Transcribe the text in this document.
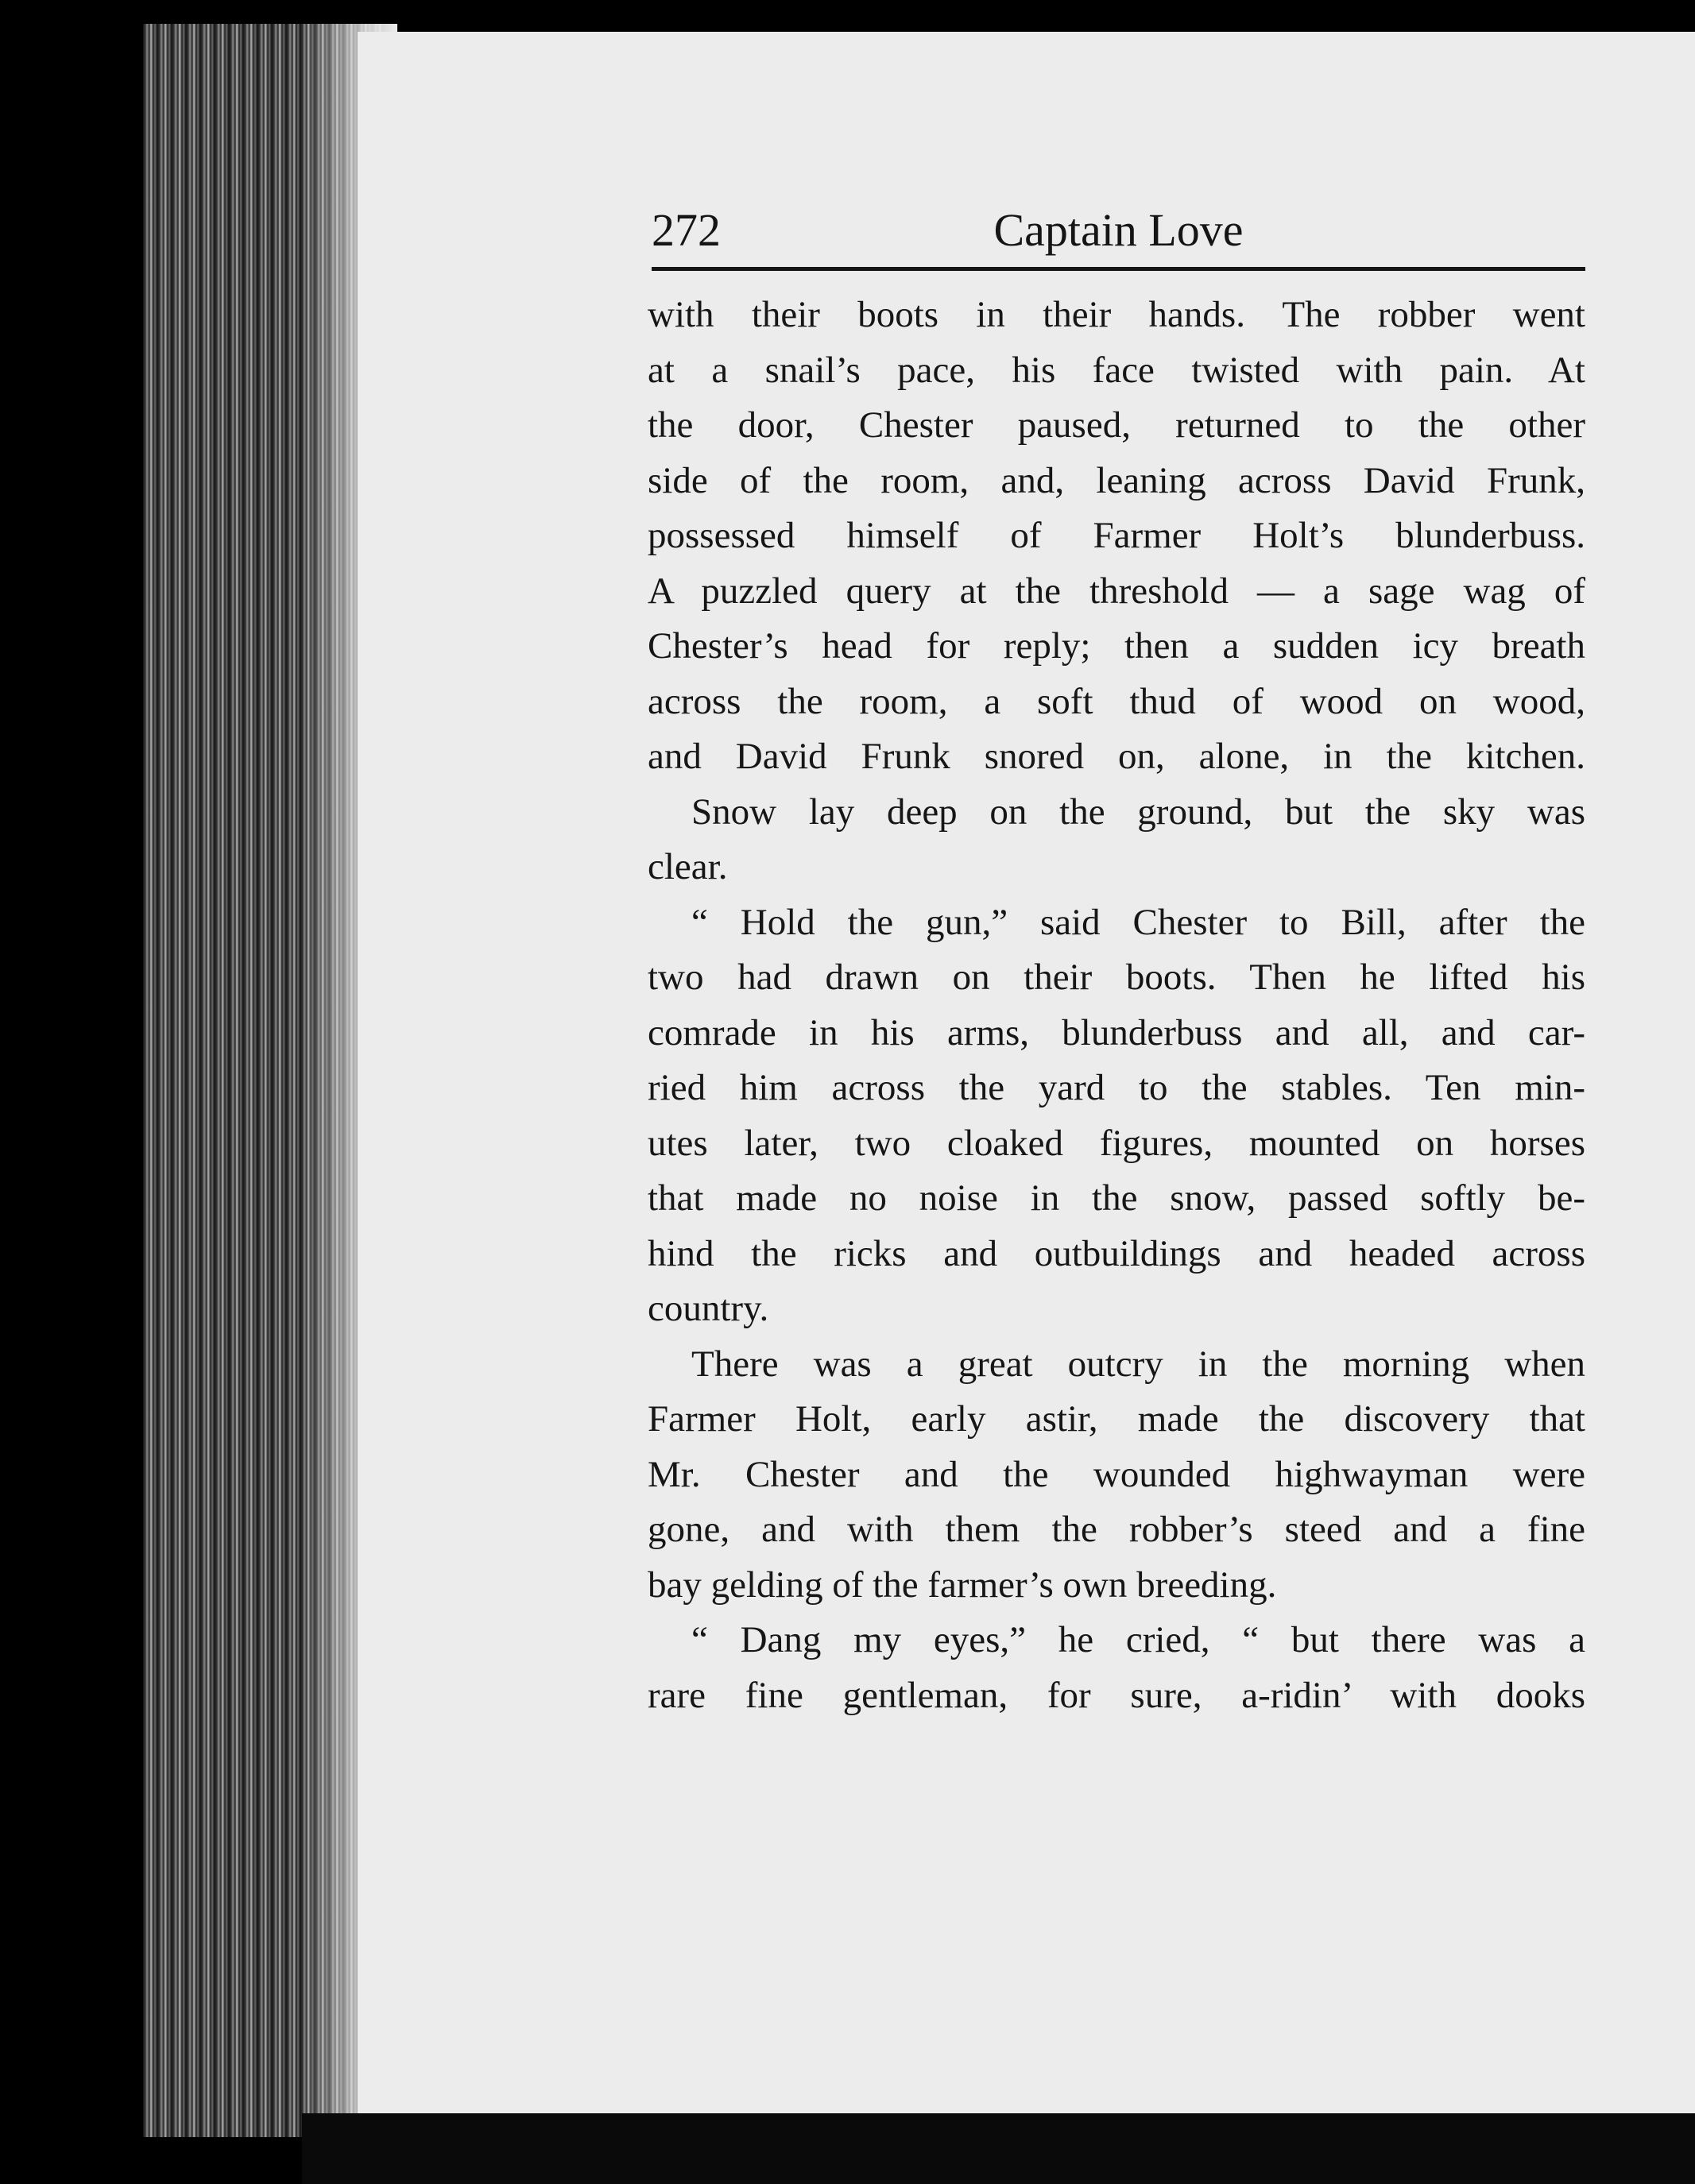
272	Captain Love
with their boots in their hands. The robber went
at a snail’s pace, his face twisted with pain. At
the door, Chester paused, returned to the other
side of the room, and, leaning across David Frunk,
possessed himself of Farmer Holt’s blunderbuss.
A puzzled query at the threshold — a sage wag of
Chester’s head for reply; then a sudden icy breath
across the room, a soft thud of wood on wood,
and David Frunk snored on, alone, in the kitchen.
Snow lay deep on the ground, but the sky was
clear.
“ Hold the gun,” said Chester to Bill, after the
two had drawn on their boots. Then he lifted his
comrade in his arms, blunderbuss and all, and car-
ried him across the yard to the stables. Ten min-
utes later, two cloaked figures, mounted on horses
that made no noise in the snow, passed softly be-
hind the ricks and outbuildings and headed across
country.
There was a great outcry in the morning when
Farmer Holt, early astir, made the discovery that
Mr. Chester and the wounded highwayman were
gone, and with them the robber’s steed and a fine
bay gelding of the farmer’s own breeding.
“ Dang my eyes,” he cried, “ but there was a
rare fine gentleman, for sure, a-ridin’ with dooks
